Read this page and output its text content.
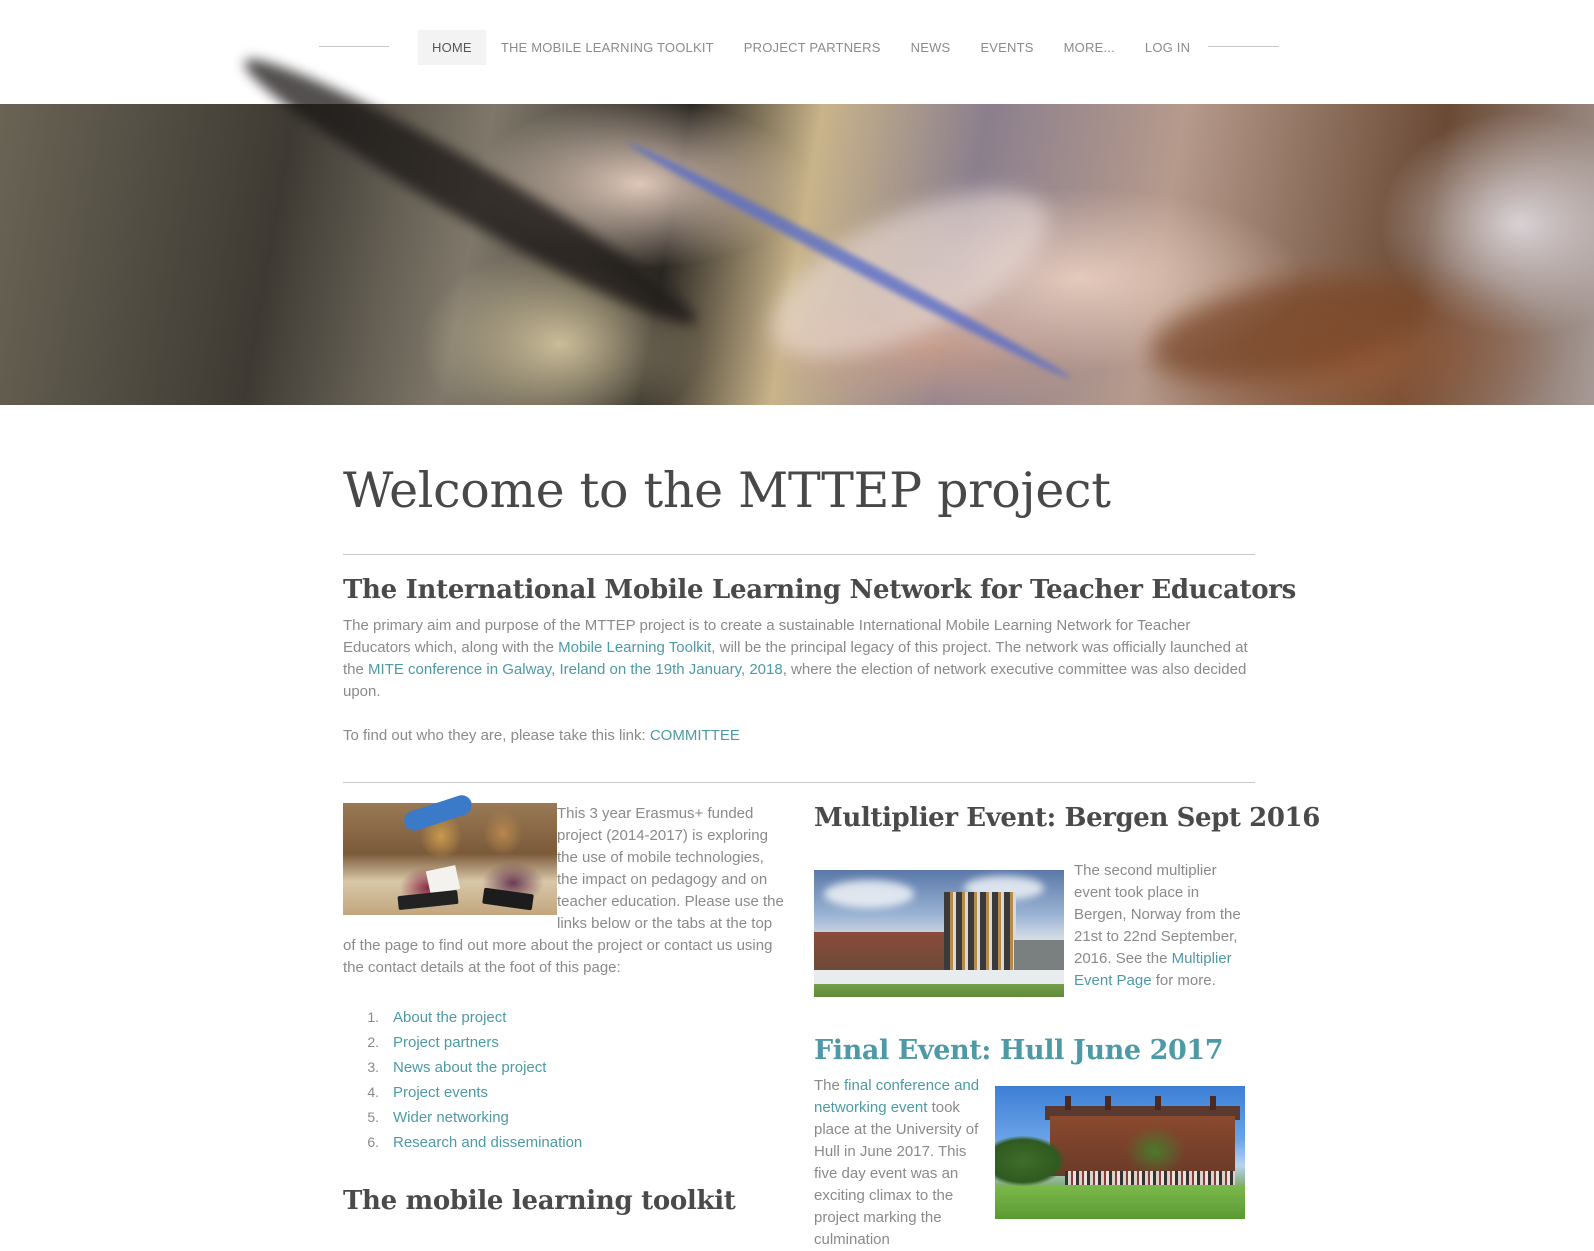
HOME	THE MOBILE LEARNING TOOLKIT	PROJECT PARTNERS	NEWS	EVENTS	MORE...	LOG IN
Welcome to the MTTEP project
The International Mobile Learning Network for Teacher Educators

The primary aim and purpose of the MTTEP project is to create a sustainable International Mobile Learning Network for Teacher Educators which, along with the Mobile Learning Toolkit, will be the principal legacy of this project. The network was officially launched at the MITE conference in Galway, Ireland on the 19th January, 2018, where the election of network executive committee was also decided upon.

To find out who they are, please take this link: COMMITTEE

This 3 year Erasmus+ funded project (2014-2017) is exploring the use of mobile technologies, the impact on pedagogy and on teacher education. Please use the links below or the tabs at the top of the page to find out more about the project or contact us using the contact details at the foot of this page:

1. About the project
2. Project partners
3. News about the project
4. Project events
5. Wider networking
6. Research and dissemination
The mobile learning toolkit
Multiplier Event: Bergen Sept 2016

The second multiplier event took place in Bergen, Norway from the 21st to 22nd September, 2016. See the Multiplier Event Page for more.

Final Event: Hull June 2017

The final conference and networking event took place at the University of Hull in June 2017. This five day event was an exciting climax to the project marking the culmination
